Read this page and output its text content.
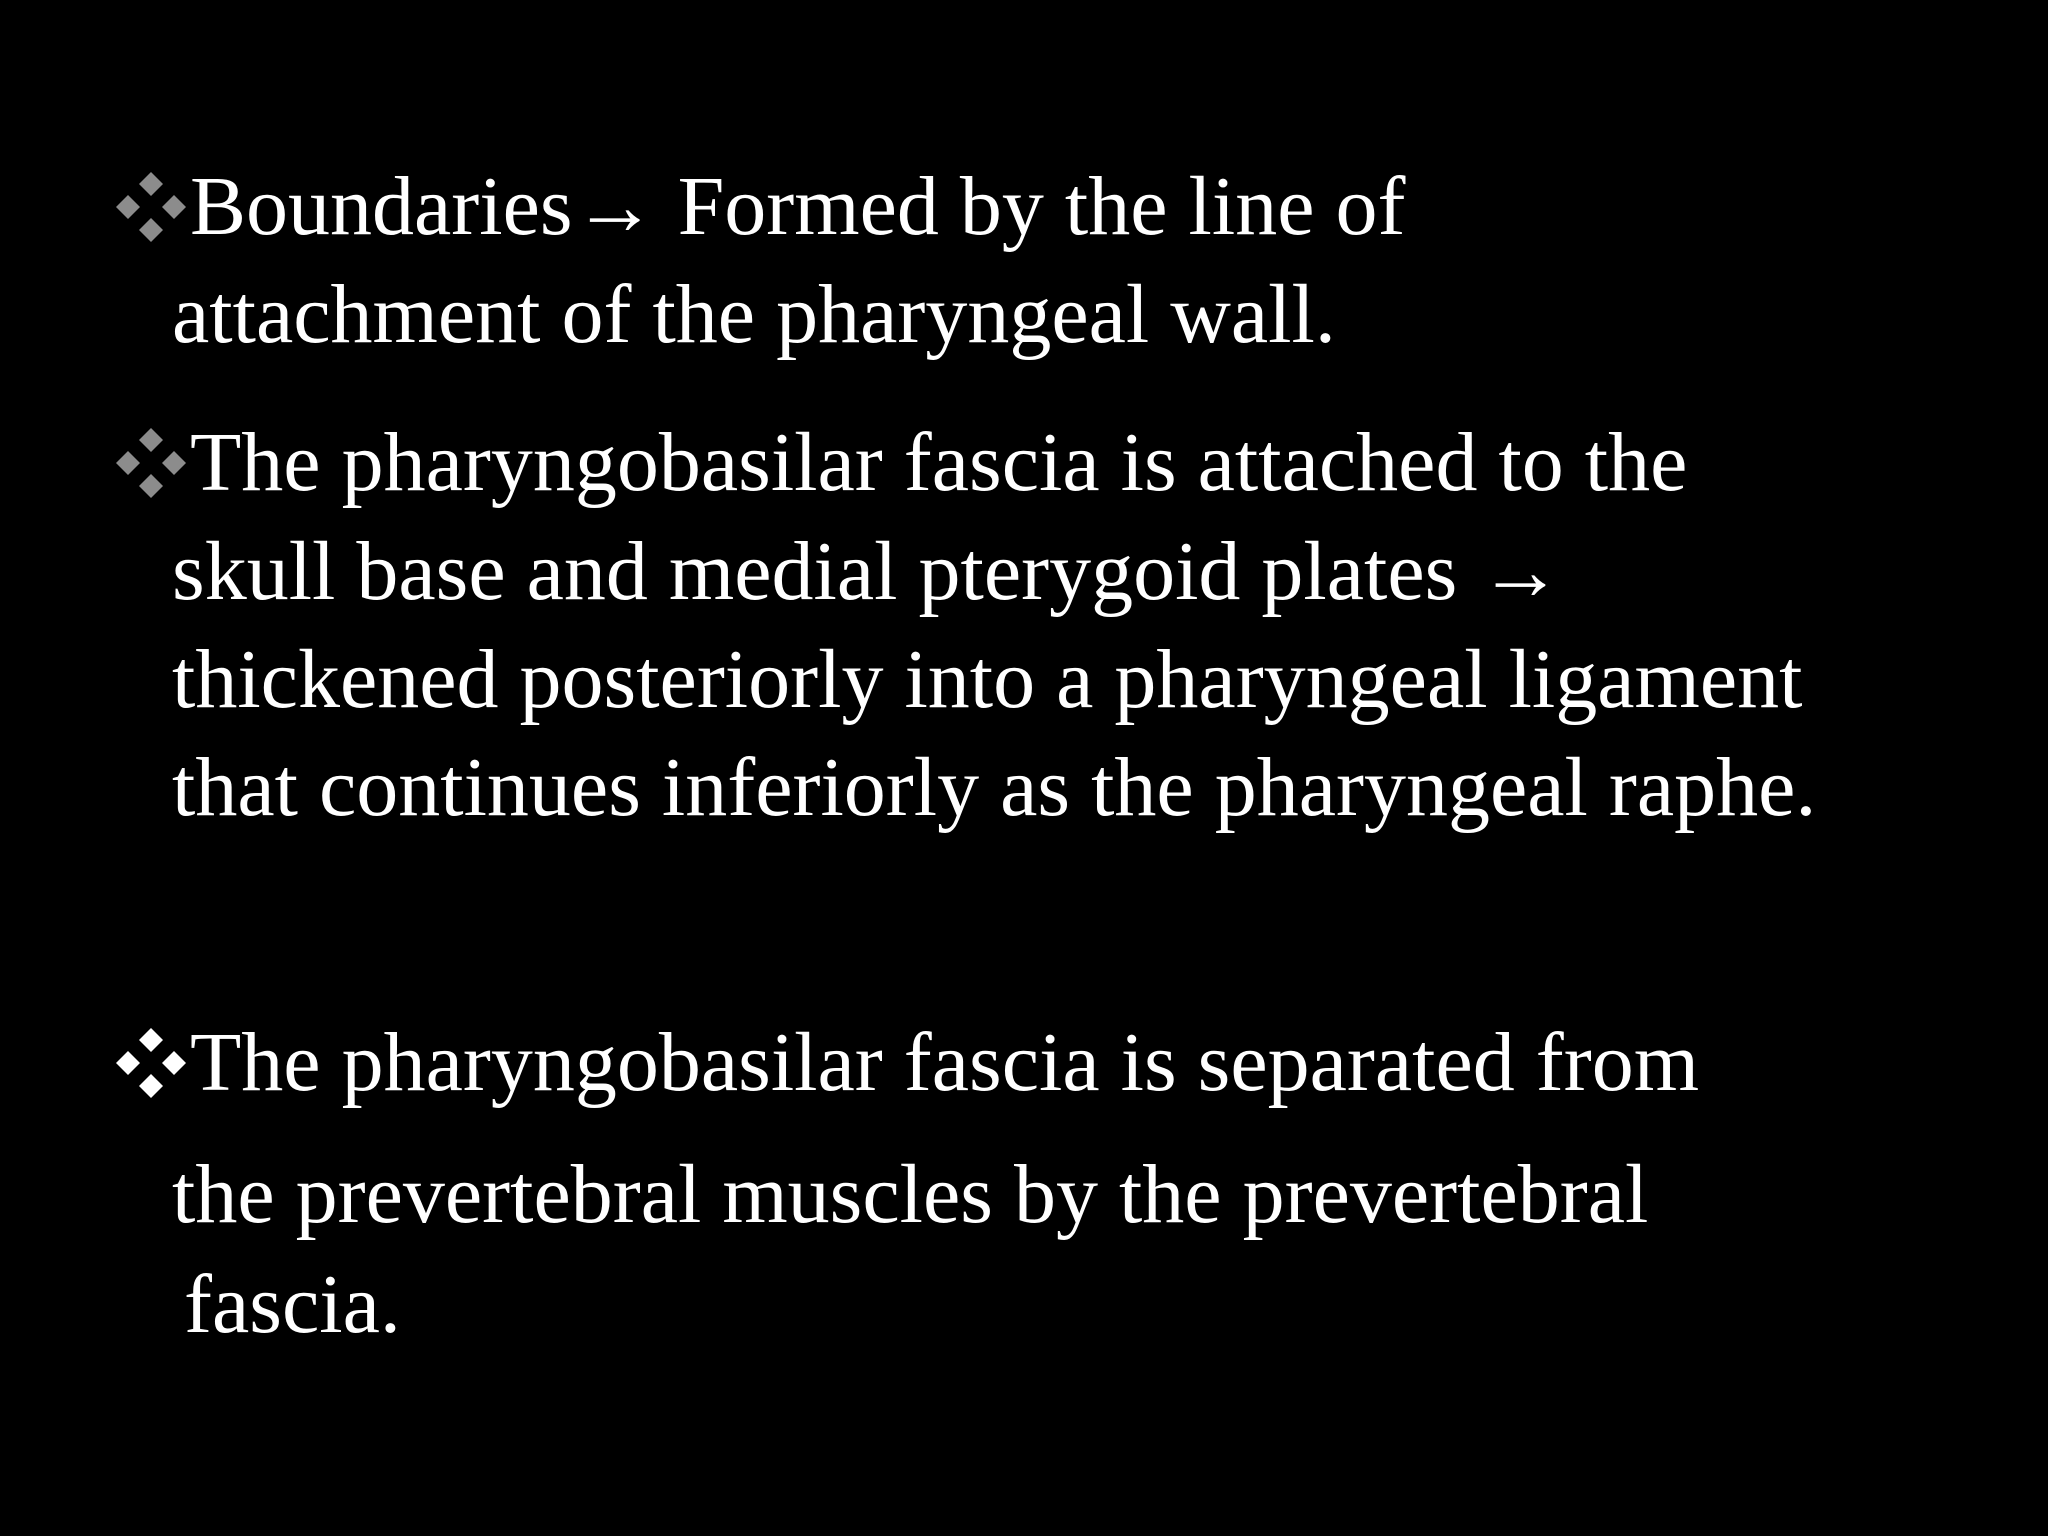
Boundaries→ Formed by the line of
attachment of the pharyngeal wall.
The pharyngobasilar fascia is attached to the
skull base and medial pterygoid plates →
thickened posteriorly into a pharyngeal ligament
that continues inferiorly as the pharyngeal raphe.
The pharyngobasilar fascia is separated from
the prevertebral muscles by the prevertebral
fascia.
